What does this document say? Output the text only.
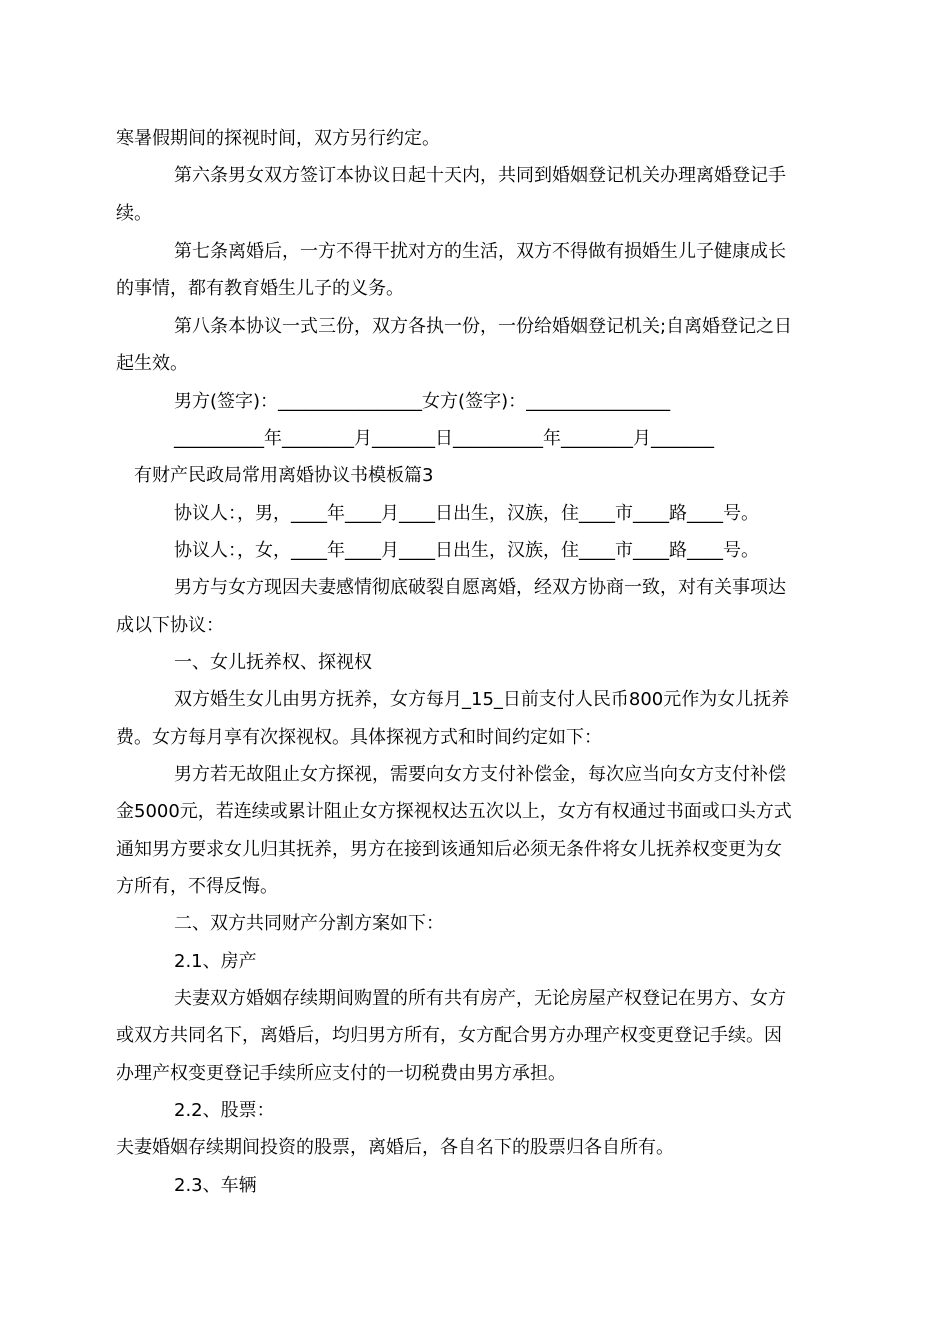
寒暑假期间的探视时间，双方另行约定。

第六条男女双方签订本协议日起十天内，共同到婚姻登记机关办理离婚登记手

续。

第七条离婚后，一方不得干扰对方的生活，双方不得做有损婚生儿子健康成长

的事情，都有教育婚生儿子的义务。

第八条本协议一式三份，双方各执一份，一份给婚姻登记机关;自离婚登记之日

起生效。

男方(签字)：________________女方(签字)：________________

__________年________月_______日__________年________月_______

有财产民政局常用离婚协议书模板篇3

协议人：，男，____年____月____日出生，汉族，住____市____路____号。

协议人：，女，____年____月____日出生，汉族，住____市____路____号。

男方与女方现因夫妻感情彻底破裂自愿离婚，经双方协商一致，对有关事项达

成以下协议：

一、女儿抚养权、探视权

双方婚生女儿由男方抚养，女方每月_15_日前支付人民币800元作为女儿抚养

费。女方每月享有次探视权。具体探视方式和时间约定如下：

男方若无故阻止女方探视，需要向女方支付补偿金，每次应当向女方支付补偿

金5000元，若连续或累计阻止女方探视权达五次以上，女方有权通过书面或口头方式

通知男方要求女儿归其抚养，男方在接到该通知后必须无条件将女儿抚养权变更为女

方所有，不得反悔。

二、双方共同财产分割方案如下：

2.1、房产

夫妻双方婚姻存续期间购置的所有共有房产，无论房屋产权登记在男方、女方

或双方共同名下，离婚后，均归男方所有，女方配合男方办理产权变更登记手续。因

办理产权变更登记手续所应支付的一切税费由男方承担。

2.2、股票：

夫妻婚姻存续期间投资的股票，离婚后，各自名下的股票归各自所有。

2.3、车辆
